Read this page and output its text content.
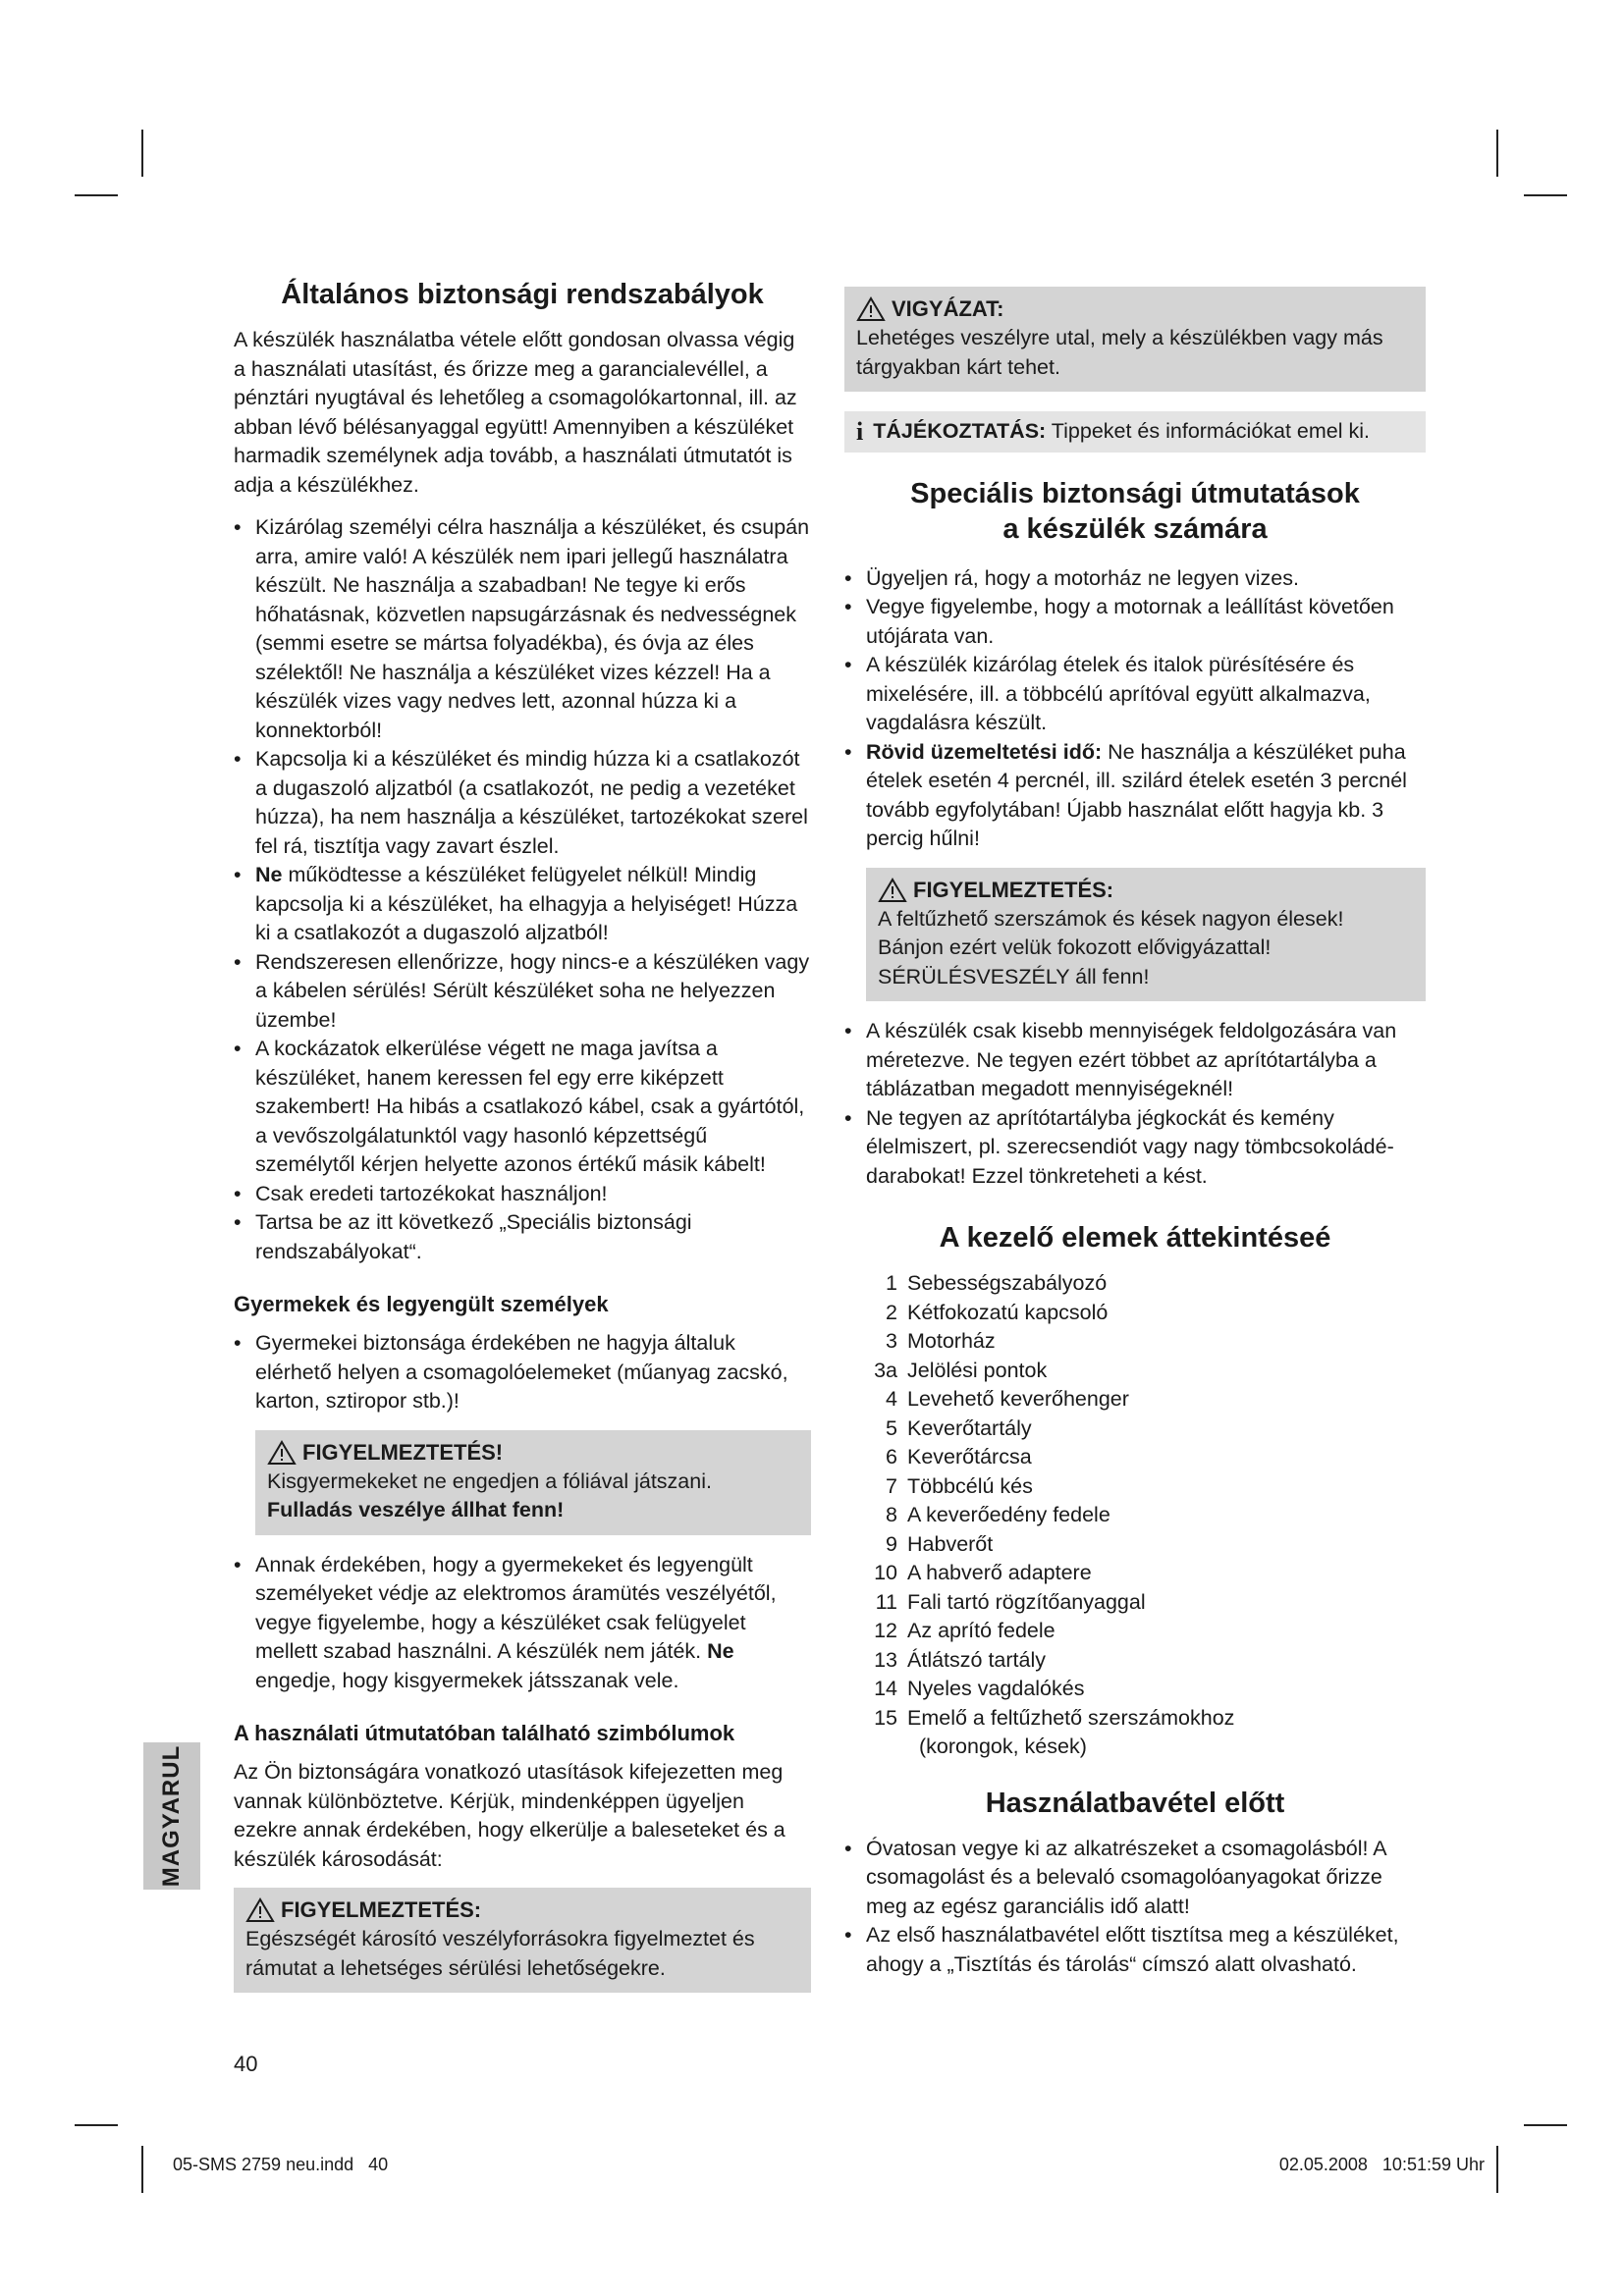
Általános biztonsági rendszabályok

A készülék használatba vétele előtt gondosan olvassa végig a használati utasítást, és őrizze meg a garancialevéllel, a pénztári nyugtával és lehetőleg a csomagolókartonnal, ill. az abban lévő bélésanyaggal együtt! Amennyiben a készüléket harmadik személynek adja tovább, a használati útmutatót is adja a készülékhez.

• Kizárólag személyi célra használja a készüléket, és csupán arra, amire való! A készülék nem ipari jellegű használatra készült. Ne használja a szabadban! Ne tegye ki erős hőhatásnak, közvetlen napsugárzásnak és nedvességnek (semmi esetre se mártsa folyadékba), és óvja az éles szélektől! Ne használja a készüléket vizes kézzel! Ha a készülék vizes vagy nedves lett, azonnal húzza ki a konnektorból!
• Kapcsolja ki a készüléket és mindig húzza ki a csatlakozót a dugaszoló aljzatból (a csatlakozót, ne pedig a vezetéket húzza), ha nem használja a készüléket, tartozékokat szerel fel rá, tisztítja vagy zavart észlel.
• Ne működtesse a készüléket felügyelet nélkül! Mindig kapcsolja ki a készüléket, ha elhagyja a helyiséget! Húzza ki a csatlakozót a dugaszoló aljzatból!
• Rendszeresen ellenőrizze, hogy nincs-e a készüléken vagy a kábelen sérülés! Sérült készüléket soha ne helyezzen üzembe!
• A kockázatok elkerülése végett ne maga javítsa a készüléket, hanem keressen fel egy erre kiképzett szakembert! Ha hibás a csatlakozó kábel, csak a gyártótól, a vevőszolgálatunktól vagy hasonló képzettségű személytől kérjen helyette azonos értékű másik kábelt!
• Csak eredeti tartozékokat használjon!
• Tartsa be az itt következő „Speciális biztonsági rendszabályokat“.
Gyermekek és legyengült személyek
• Gyermekei biztonsága érdekében ne hagyja általuk elérhető helyen a csomagolóelemeket (műanyag zacskó, karton, sztiropor stb.)!
FIGYELMEZTETÉS!
Kisgyermekeket ne engedjen a fóliával játszani. Fulladás veszélye állhat fenn!
• Annak érdekében, hogy a gyermekeket és legyengült személyeket védje az elektromos áramütés veszélyétől, vegye figyelembe, hogy a készüléket csak felügyelet mellett szabad használni. A készülék nem játék. Ne engedje, hogy kisgyermekek játsszanak vele.
A használati útmutatóban található szimbólumok

Az Ön biztonságára vonatkozó utasítások kifejezetten meg vannak különböztetve. Kérjük, mindenképpen ügyeljen ezekre annak érdekében, hogy elkerülje a baleseteket és a készülék károsodását:

FIGYELMEZTETÉS:
Egészségét károsító veszélyforrásokra figyelmeztet és rámutat a lehetséges sérülési lehetőségekre.
VIGYÁZAT:
Lehetéges veszélyre utal, mely a készülékben vagy más tárgyakban kárt tehet.
i TÁJÉKOZTATÁS: Tippeket és információkat emel ki.
Speciális biztonsági útmutatások
a készülék számára
• Ügyeljen rá, hogy a motorház ne legyen vizes.
• Vegye figyelembe, hogy a motornak a leállítást követően utójárata van.
• A készülék kizárólag ételek és italok pürésítésére és mixelésére, ill. a többcélú aprítóval együtt alkalmazva, vagdalásra készült.
• Rövid üzemeltetési idő: Ne használja a készüléket puha ételek esetén 4 percnél, ill. szilárd ételek esetén 3 percnél tovább egyfolytában! Újabb használat előtt hagyja kb. 3 percig hűlni!
FIGYELMEZTETÉS:
A feltűzhető szerszámok és kések nagyon élesek! Bánjon ezért velük fokozott elővigyázattal! SÉRÜLÉSVESZÉLY áll fenn!
• A készülék csak kisebb mennyiségek feldolgozására van méretezve. Ne tegyen ezért többet az aprítótartályba a táblázatban megadott mennyiségeknél!
• Ne tegyen az aprítótartályba jégkockát és kemény élelmiszert, pl. szerecsendiót vagy nagy tömbcsokoládé-darabokat! Ezzel tönkreteheti a kést.
A kezelő elemek áttekintéseé
1 Sebességszabályozó
2 Kétfokozatú kapcsoló
3 Motorház
3a Jelölési pontok
4 Levehető keverőhenger
5 Keverőtartály
6 Keverőtárcsa
7 Többcélú kés
8 A keverőedény fedele
9 Habverőt
10 A habverő adaptere
11 Fali tartó rögzítőanyaggal
12 Az aprító fedele
13 Átlátszó tartály
14 Nyeles vagdalókés
15 Emelő a feltűzhető szerszámokhoz
(korongok, kések)
Használatbavétel előtt
• Óvatosan vegye ki az alkatrészeket a csomagolásból! A csomagolást és a belevaló csomagolóanyagokat őrizze meg az egész garanciális idő alatt!
• Az első használatbavétel előtt tisztítsa meg a készüléket, ahogy a „Tisztítás és tárolás“ címszó alatt olvasható.
MAGYARUL
40
05-SMS 2759 neu.indd   40	02.05.2008   10:51:59 Uhr
